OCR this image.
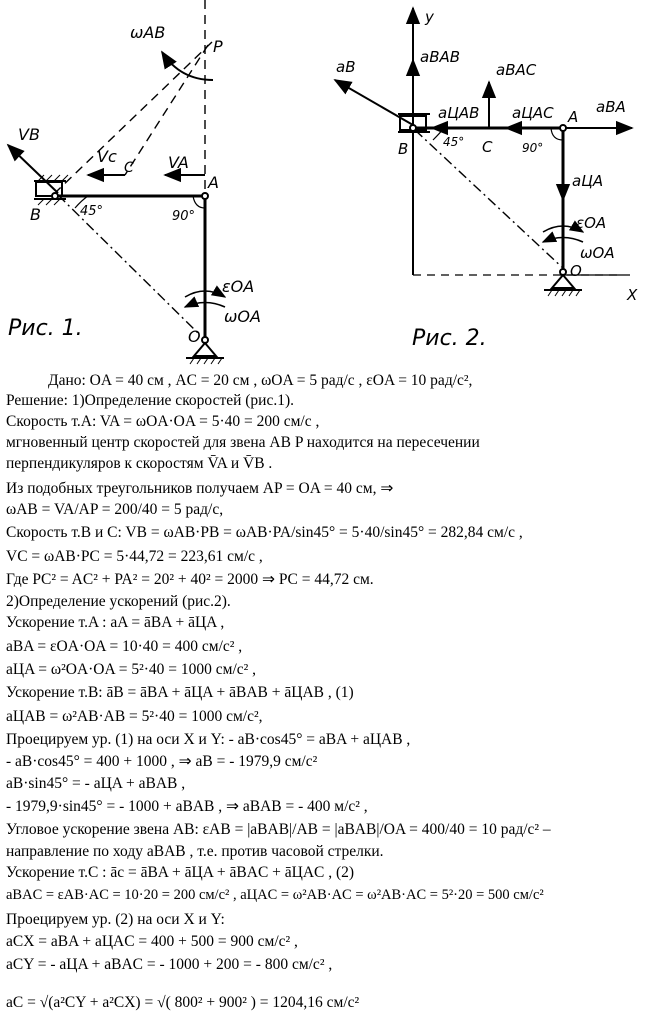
ωAB
P
VB
Vc
C VA
A
B	45°	90°
εOA
ωOA
O
Рис. 1.
y
X
aB
aBAB
aBAC
aЦAB aЦAC	aBA
aЦA
A
B	C
45°	90°
εOA
ωOA
O
Рис. 2.
Дано: OA = 40 см , AC = 20 см , ωOA = 5 рад/с , εOA = 10 рад/с²,
Решение: 1)Определение скоростей (рис.1).
Скорость т.A: VA = ωOA·OA = 5·40 = 200 см/с ,
мгновенный центр скоростей для звена AB P находится на пересечении
перпендикуляров к скоростям V̄A и V̄B .
Из подобных треугольников получаем AP = OA = 40 см, ⇒
ωAB = VA/AP = 200/40 = 5 рад/с,
Скорость т.B и C: VB = ωAB·PB = ωAB·PA/sin45° = 5·40/sin45° = 282,84 см/с ,
VC = ωAB·PC = 5·44,72 = 223,61 см/с ,
Где PC² = AC² + PA² = 20² + 40² = 2000 ⇒ PC = 44,72 см.
2)Определение ускорений (рис.2).
Ускорение т.A : aA = āBA + āЦA ,
aBA = εOA·OA = 10·40 = 400 см/с² ,
aЦA = ω²OA·OA = 5²·40 = 1000 см/с² ,
Ускорение т.B: āB = āBA + āЦA + āBAB + āЦAB , (1)
aЦAB = ω²AB·AB = 5²·40 = 1000 см/с²,
Проецируем ур. (1) на оси X и Y: - aB·cos45° = aBA + aЦAB ,
- aB·cos45° = 400 + 1000 , ⇒ aB = - 1979,9 см/с²
aB·sin45° = - aЦA + aBAB ,
- 1979,9·sin45° = - 1000 + aBAB , ⇒ aBAB = - 400 м/с² ,
Угловое ускорение звена AB: εAB = |aBAB|/AB = |aBAB|/OA = 400/40 = 10 рад/с² –
направление по ходу aBAB , т.е. против часовой стрелки.
Ускорение т.C : āc = āBA + āЦA + āBAC + āЦAC , (2)
aBAC = εAB·AC = 10·20 = 200 см/с² , aЦAC = ω²AB·AC = ω²AB·AC = 5²·20 = 500 см/с²
Проецируем ур. (2) на оси X и Y:
aCX = aBA + aЦAC = 400 + 500 = 900 см/с² ,
aCY = - aЦA + aBAC = - 1000 + 200 = - 800 см/с² ,
aC = √(a²CY + a²CX) = √( 800² + 900² ) = 1204,16 см/с²
